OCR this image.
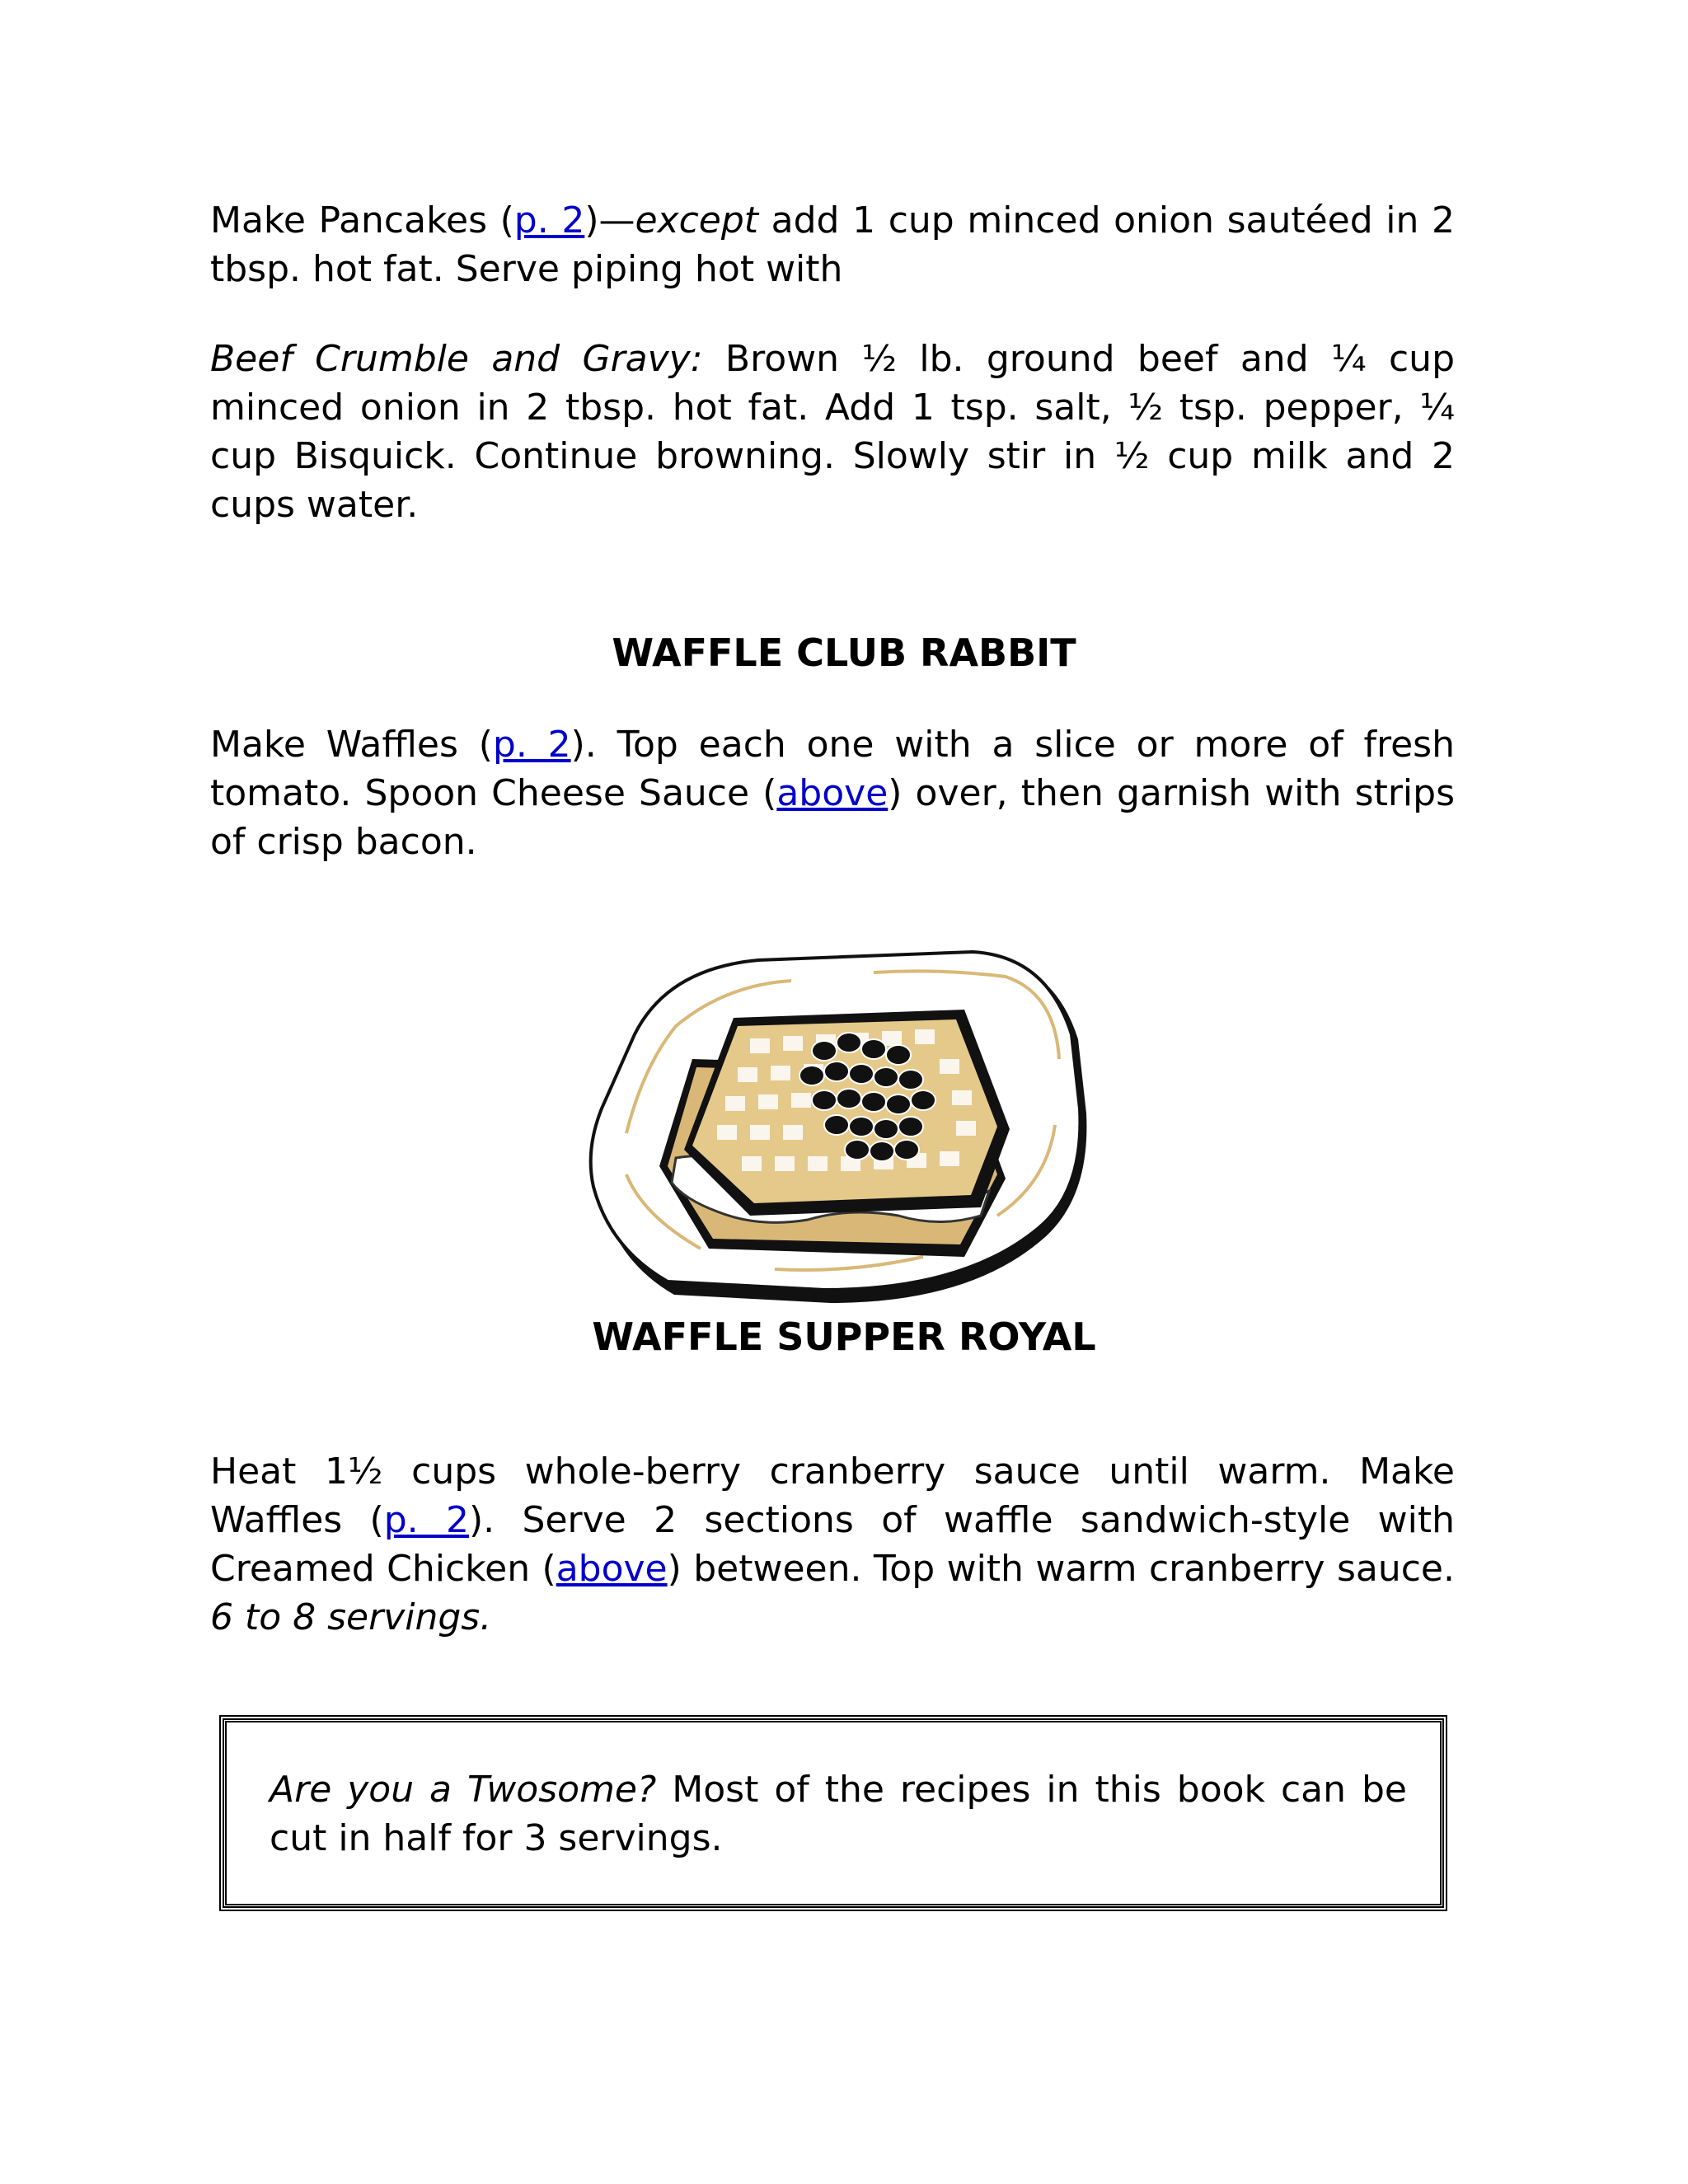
Make Pancakes (p. 2)—except add 1 cup minced onion sautéed in 2 tbsp. hot fat. Serve piping hot with

Beef Crumble and Gravy: Brown ½ lb. ground beef and ¼ cup minced onion in 2 tbsp. hot fat. Add 1 tsp. salt, ½ tsp. pepper, ¼ cup Bisquick. Continue browning. Slowly stir in ½ cup milk and 2 cups water.

WAFFLE CLUB RABBIT

Make Waffles (p. 2). Top each one with a slice or more of fresh tomato. Spoon Cheese Sauce (above) over, then garnish with strips of crisp bacon.

WAFFLE SUPPER ROYAL

Heat 1½ cups whole-berry cranberry sauce until warm. Make Waffles (p. 2). Serve 2 sections of waffle sandwich-style with Creamed Chicken (above) between. Top with warm cranberry sauce. 6 to 8 servings.

Are you a Twosome? Most of the recipes in this book can be cut in half for 3 servings.
